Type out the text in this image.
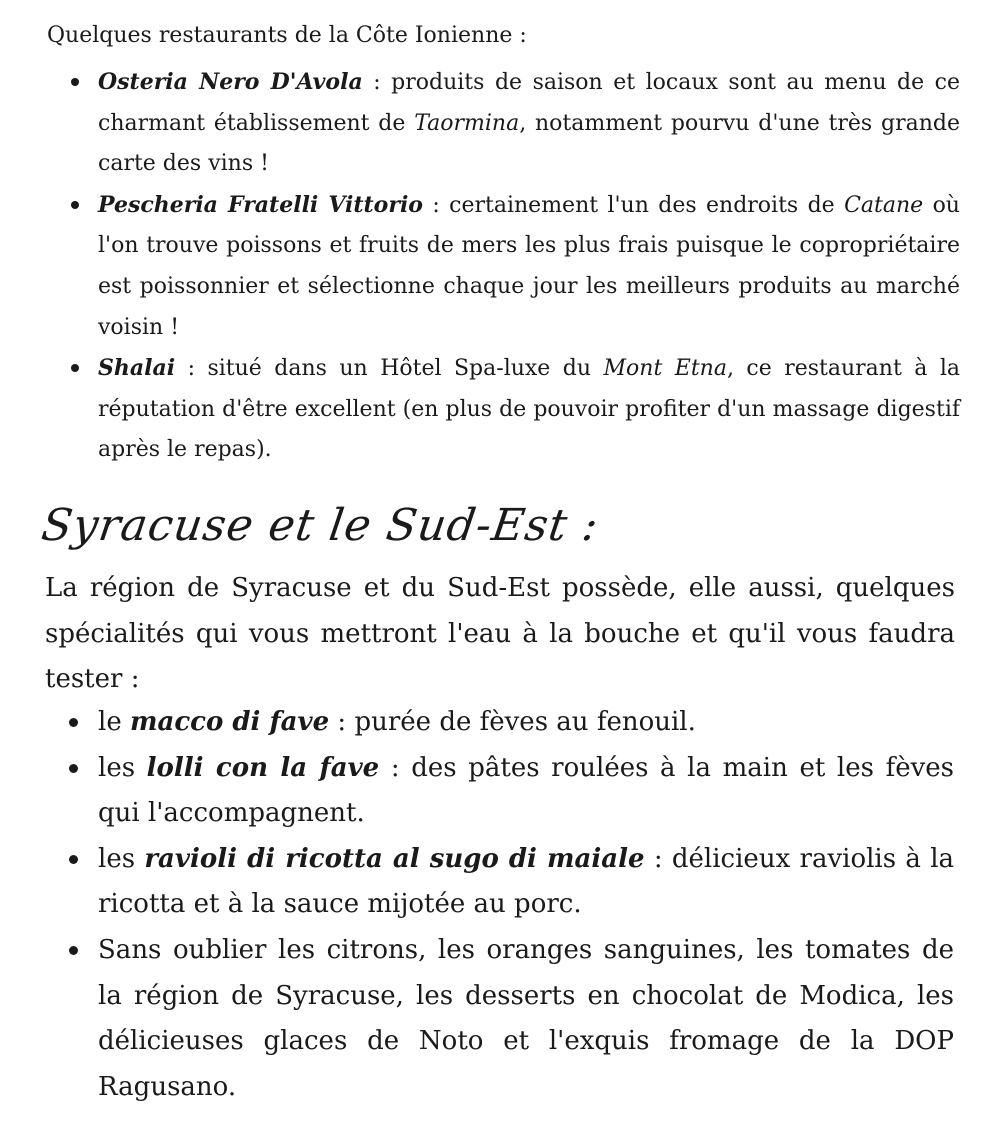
Quelques restaurants de la Côte Ionienne :

Osteria Nero D'Avola : produits de saison et locaux sont au menu de ce charmant établissement de Taormina, notamment pourvu d'une très grande carte des vins !
Pescheria Fratelli Vittorio : certainement l'un des endroits de Catane où l'on trouve poissons et fruits de mers les plus frais puisque le copropriétaire est poissonnier et sélectionne chaque jour les meilleurs produits au marché voisin !
Shalai : situé dans un Hôtel Spa-luxe du Mont Etna, ce restaurant à la réputation d'être excellent (en plus de pouvoir profiter d'un massage digestif après le repas).
Syracuse et le Sud-Est :

La région de Syracuse et du Sud-Est possède, elle aussi, quelques spécialités qui vous mettront l'eau à la bouche et qu'il vous faudra tester :

le macco di fave : purée de fèves au fenouil.
les lolli con la fave : des pâtes roulées à la main et les fèves qui l'accompagnent.
les ravioli di ricotta al sugo di maiale : délicieux raviolis à la ricotta et à la sauce mijotée au porc.
Sans oublier les citrons, les oranges sanguines, les tomates de la région de Syracuse, les desserts en chocolat de Modica, les délicieuses glaces de Noto et l'exquis fromage de la DOP Ragusano.
